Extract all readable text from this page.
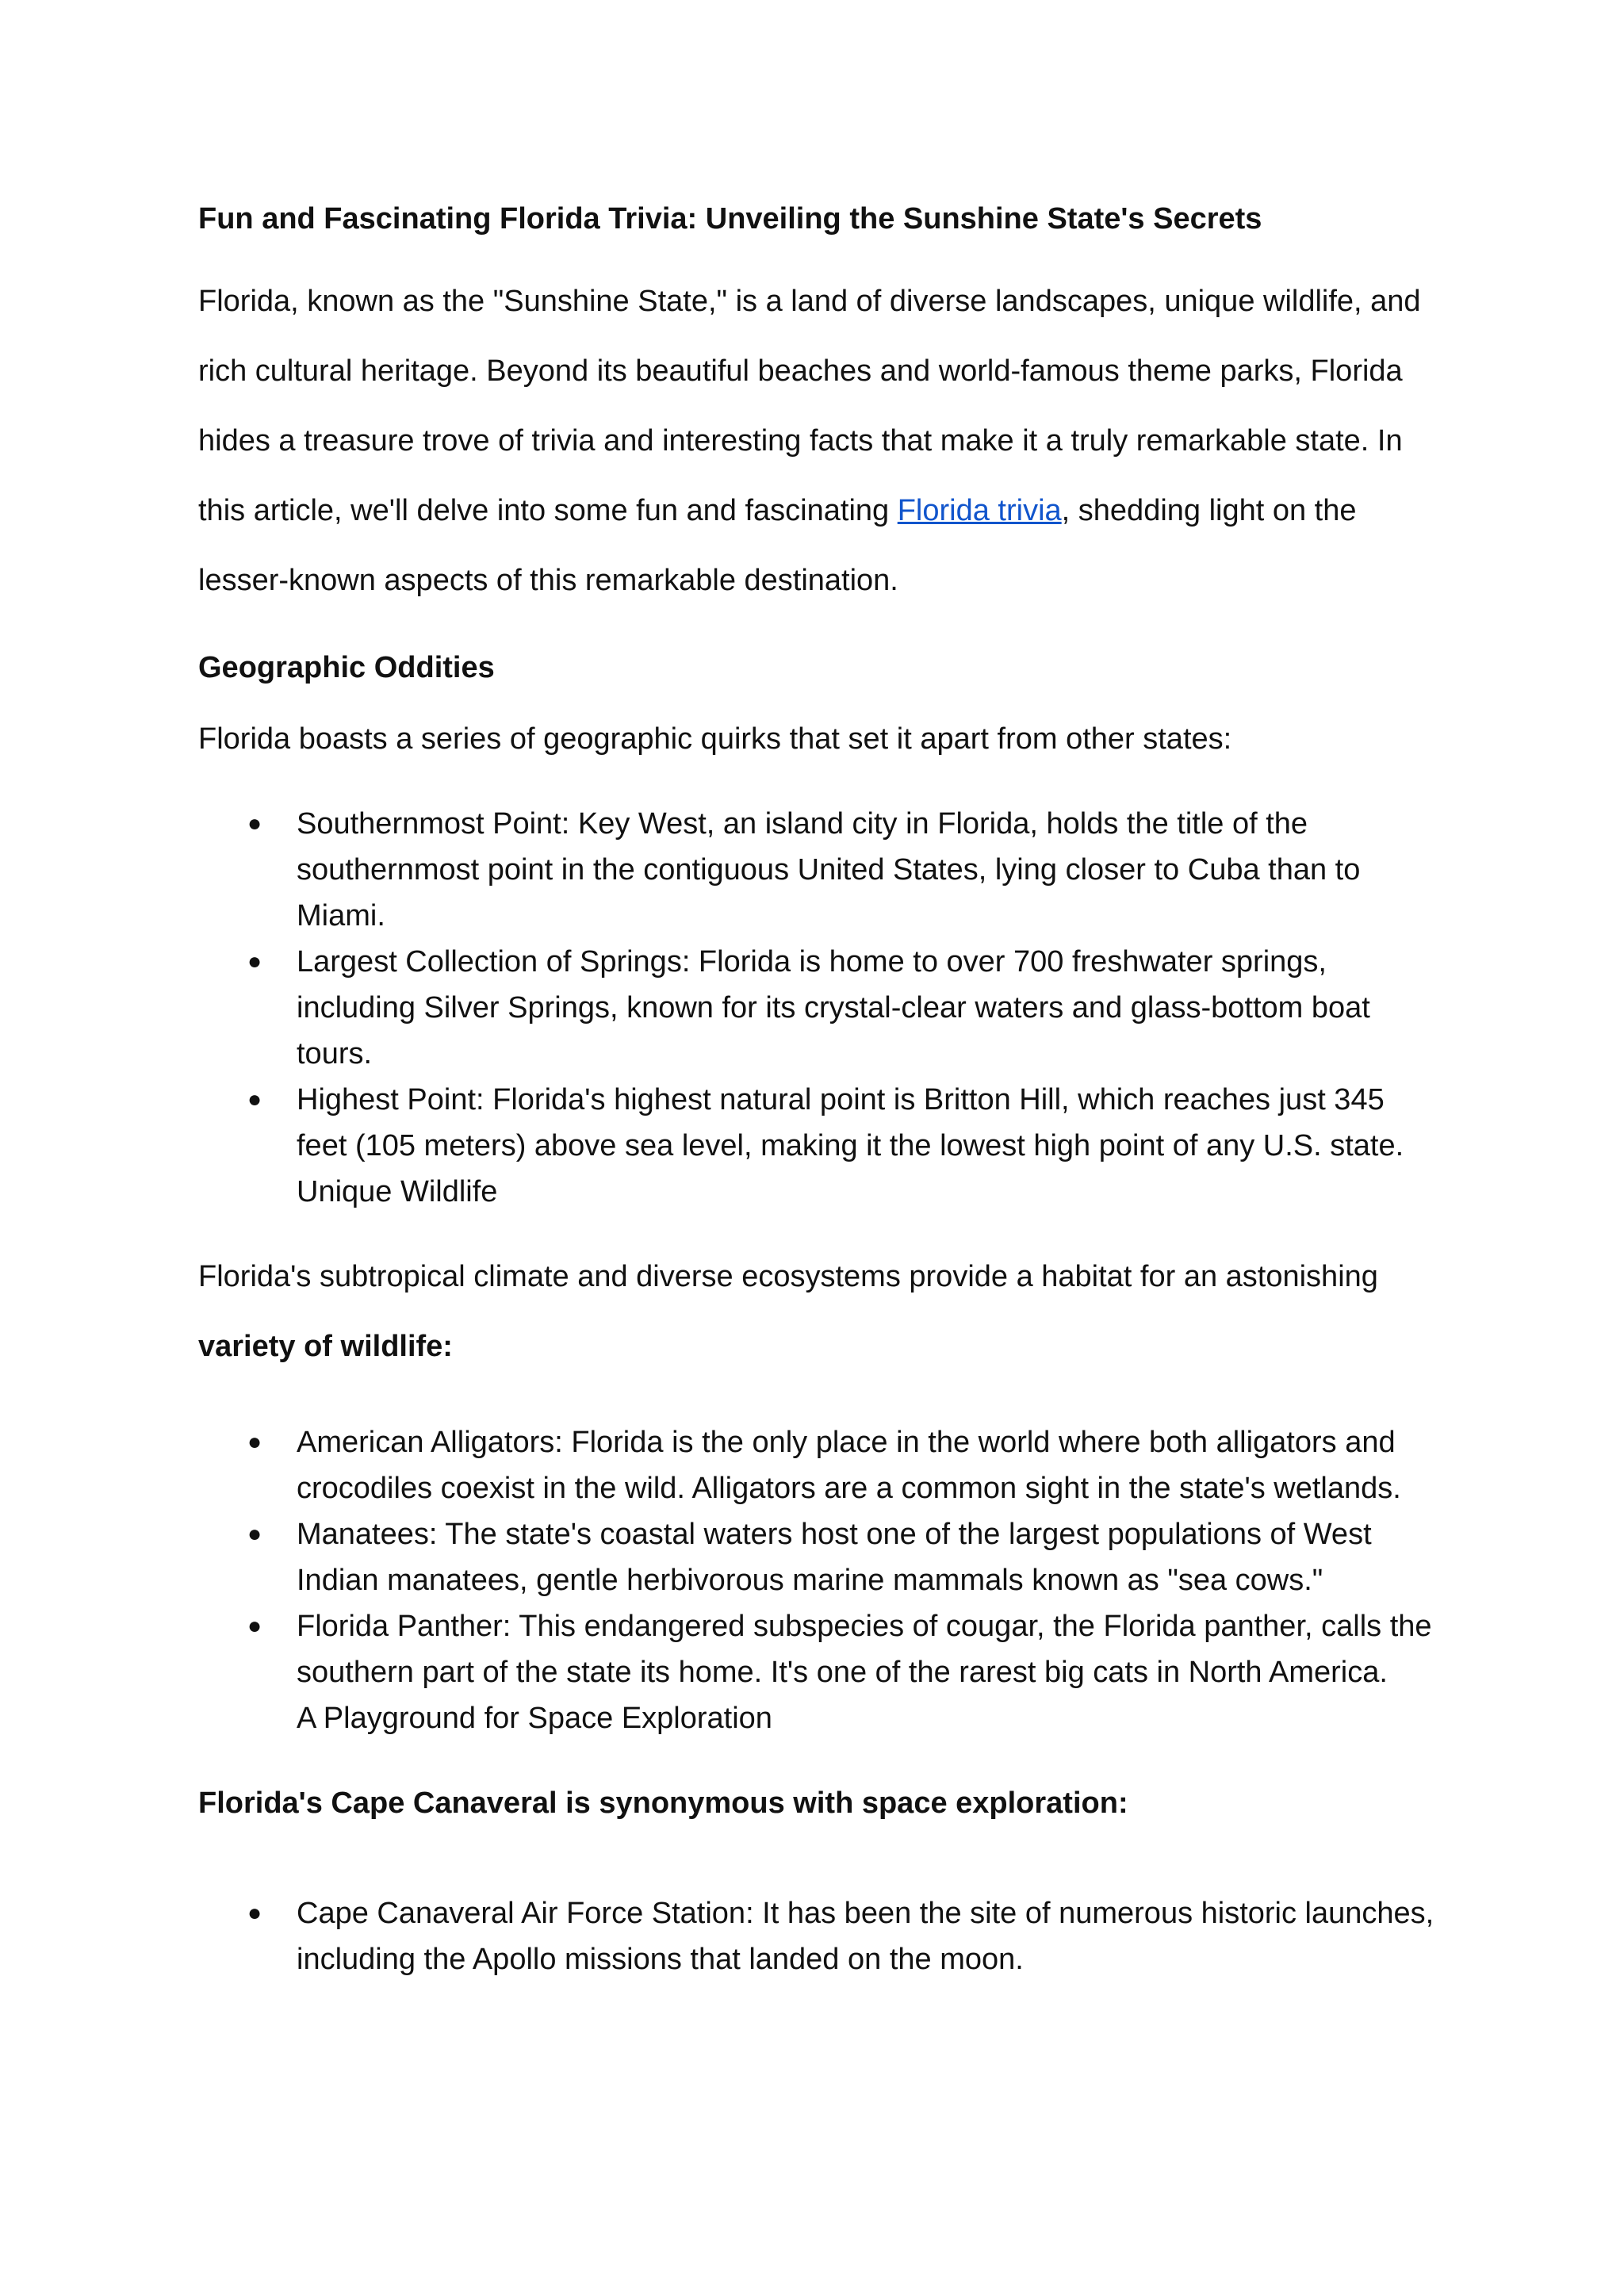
Fun and Fascinating Florida Trivia: Unveiling the Sunshine State's Secrets

Florida, known as the "Sunshine State," is a land of diverse landscapes, unique wildlife, and rich cultural heritage. Beyond its beautiful beaches and world-famous theme parks, Florida hides a treasure trove of trivia and interesting facts that make it a truly remarkable state. In this article, we'll delve into some fun and fascinating Florida trivia, shedding light on the lesser-known aspects of this remarkable destination.

Geographic Oddities

Florida boasts a series of geographic quirks that set it apart from other states:

● Southernmost Point: Key West, an island city in Florida, holds the title of the southernmost point in the contiguous United States, lying closer to Cuba than to Miami.
● Largest Collection of Springs: Florida is home to over 700 freshwater springs, including Silver Springs, known for its crystal-clear waters and glass-bottom boat tours.
● Highest Point: Florida's highest natural point is Britton Hill, which reaches just 345 feet (105 meters) above sea level, making it the lowest high point of any U.S. state.
Unique Wildlife

Florida's subtropical climate and diverse ecosystems provide a habitat for an astonishing
variety of wildlife:

● American Alligators: Florida is the only place in the world where both alligators and crocodiles coexist in the wild. Alligators are a common sight in the state's wetlands.
● Manatees: The state's coastal waters host one of the largest populations of West Indian manatees, gentle herbivorous marine mammals known as "sea cows."
● Florida Panther: This endangered subspecies of cougar, the Florida panther, calls the southern part of the state its home. It's one of the rarest big cats in North America.
A Playground for Space Exploration

Florida's Cape Canaveral is synonymous with space exploration:

● Cape Canaveral Air Force Station: It has been the site of numerous historic launches, including the Apollo missions that landed on the moon.
